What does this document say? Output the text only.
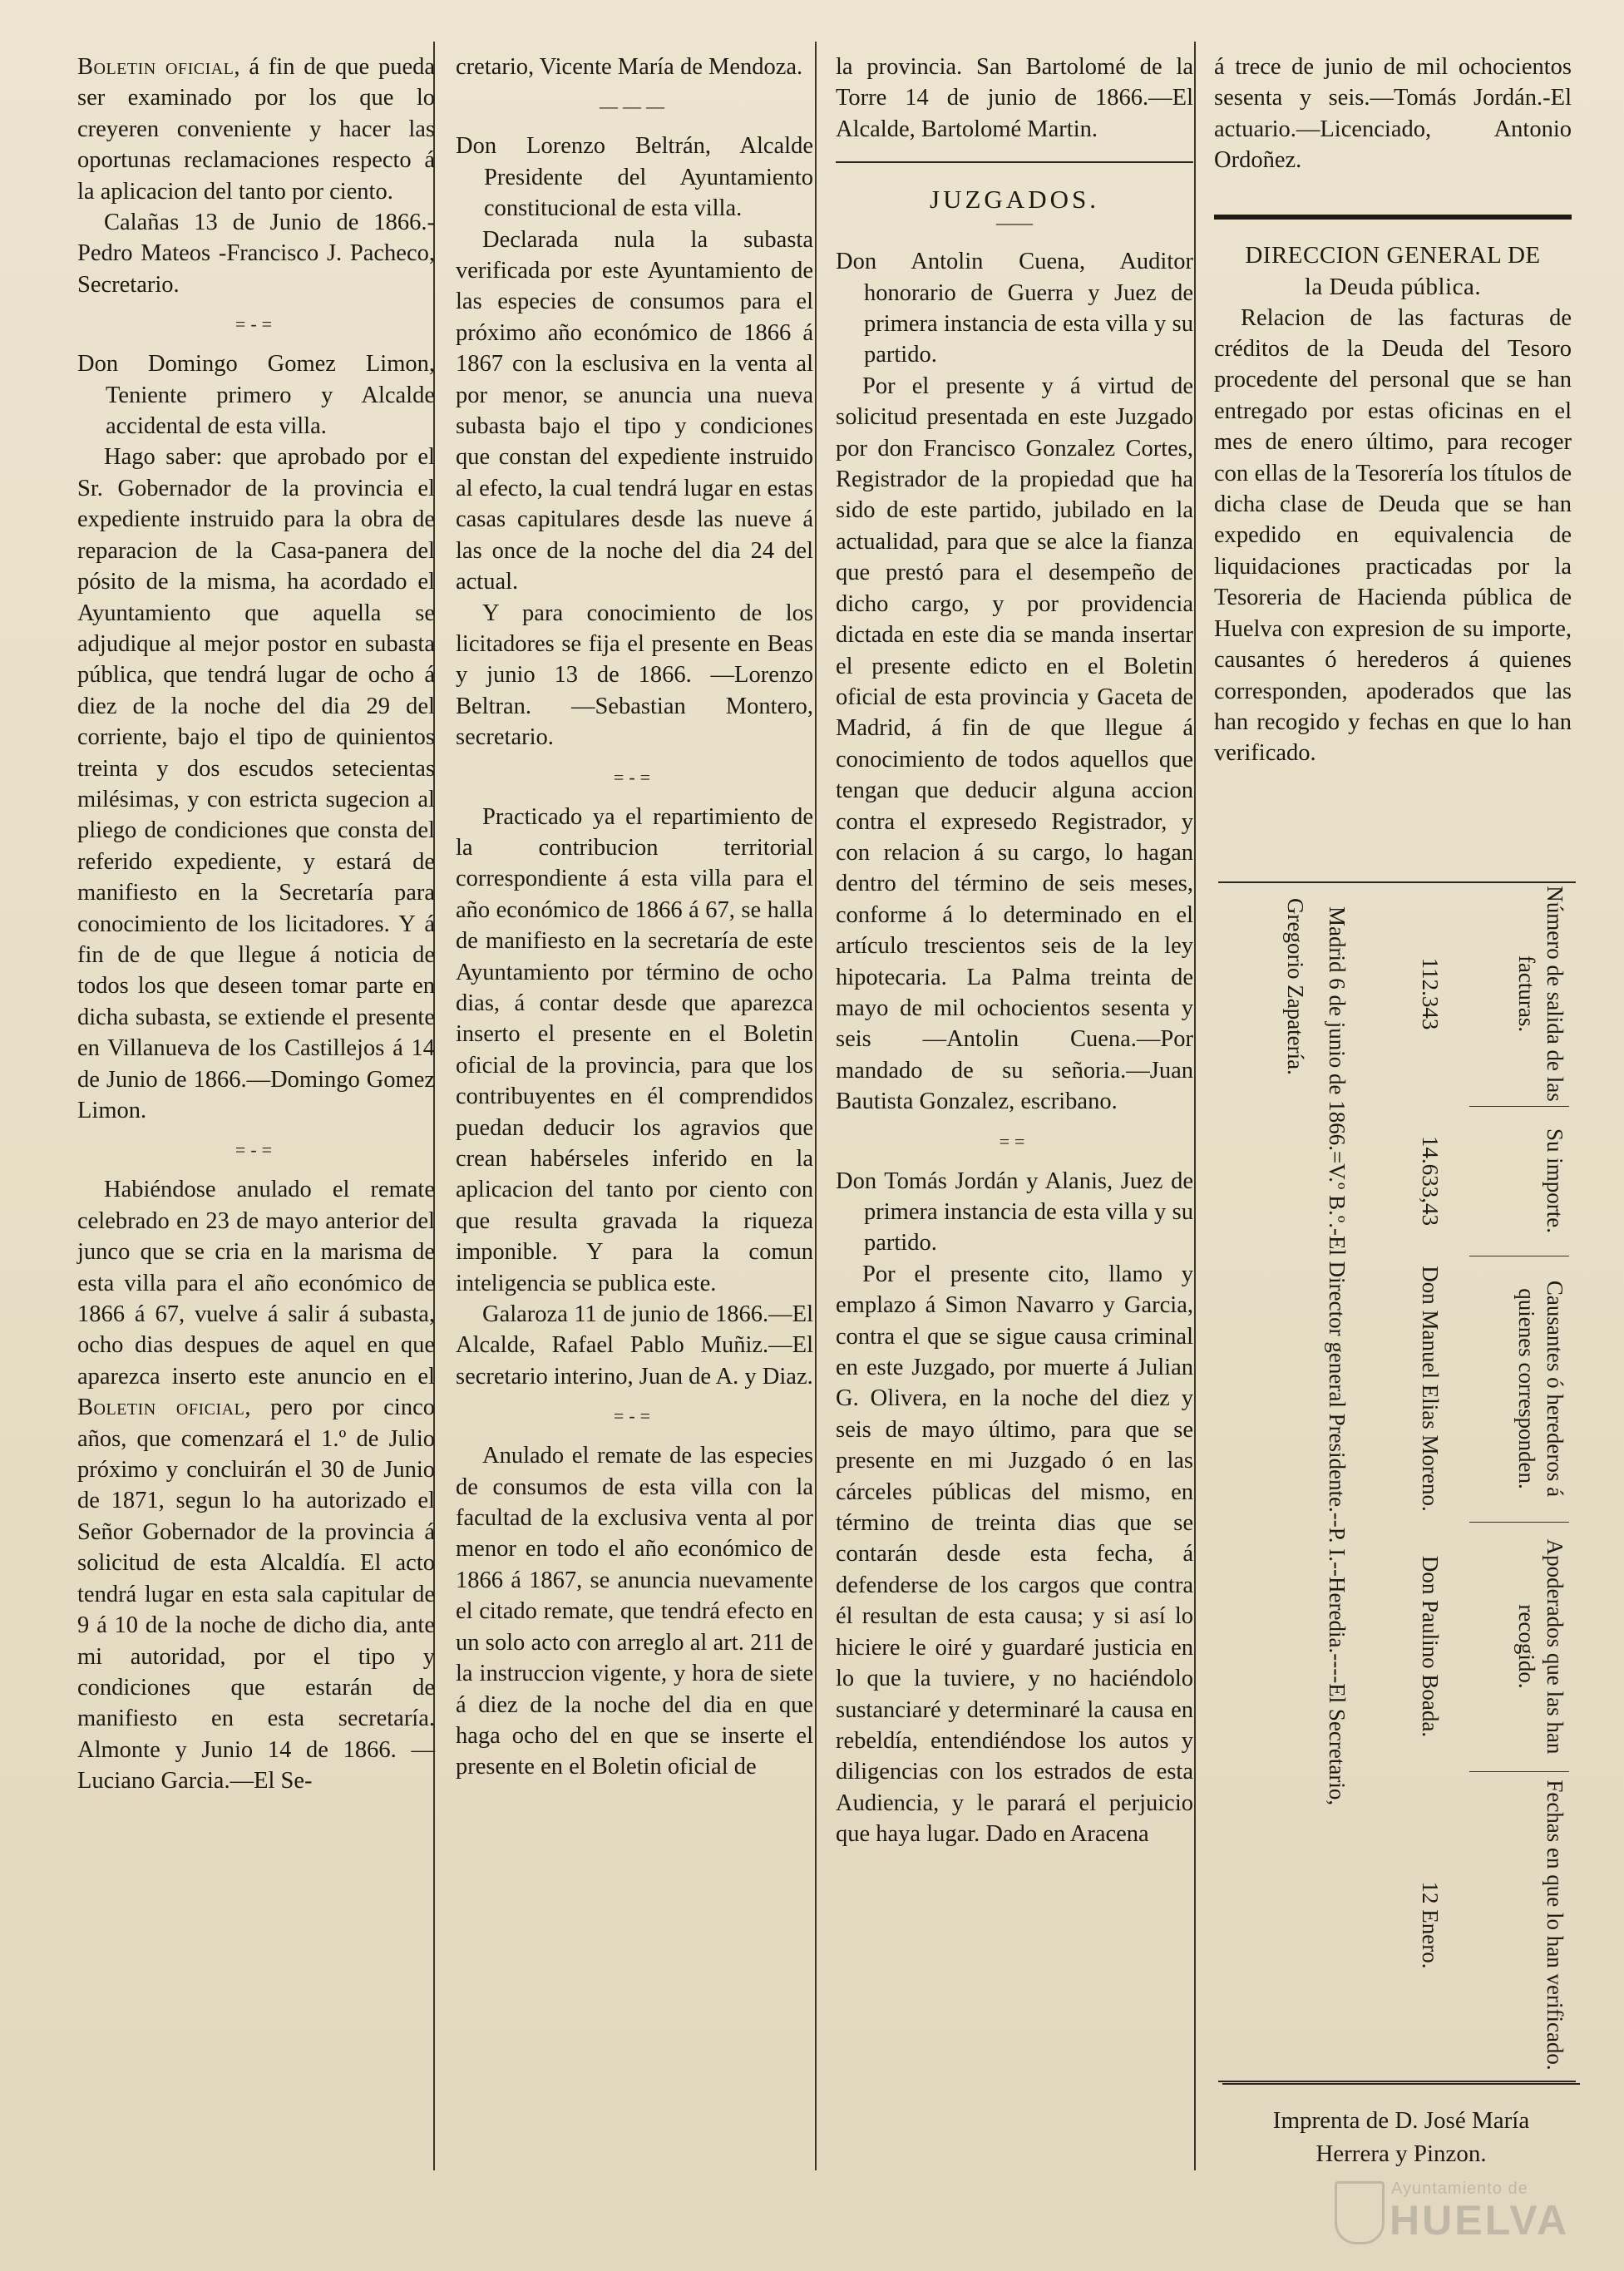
Boletin oficial, á fin de que pueda ser examinado por los que lo creyeren conveniente y hacer las oportunas reclamaciones respecto á la aplicacion del tanto por ciento.

Calañas 13 de Junio de 1866.-Pedro Mateos -Francisco J. Pacheco, Secretario.

=-=

Don Domingo Gomez Limon, Teniente primero y Alcalde accidental de esta villa.

Hago saber: que aprobado por el Sr. Gobernador de la provincia el expediente instruido para la obra de reparacion de la Casa-panera del pósito de la misma, ha acordado el Ayuntamiento que aquella se adjudique al mejor postor en subasta pública, que tendrá lugar de ocho á diez de la noche del dia 29 del corriente, bajo el tipo de quinientos treinta y dos escudos setecientas milésimas, y con estricta sugecion al pliego de condiciones que consta del referido expediente, y estará de manifiesto en la Secretaría para conocimiento de los licitadores. Y á fin de de que llegue á noticia de todos los que deseen tomar parte en dicha subasta, se extiende el presente en Villanueva de los Castillejos á 14 de Junio de 1866.—Domingo Gomez Limon.

=-=

Habiéndose anulado el remate celebrado en 23 de mayo anterior del junco que se cria en la marisma de esta villa para el año económico de 1866 á 67, vuelve á salir á subasta, ocho dias despues de aquel en que aparezca inserto este anuncio en el Boletin oficial, pero por cinco años, que comenzará el 1.º de Julio próximo y concluirán el 30 de Junio de 1871, segun lo ha autorizado el Señor Gobernador de la provincia á solicitud de esta Alcaldía. El acto tendrá lugar en esta sala capitular de 9 á 10 de la noche de dicho dia, ante mi autoridad, por el tipo y condiciones que estarán de manifiesto en esta secretaría. Almonte y Junio 14 de 1866. —Luciano Garcia.—El Se-

cretario, Vicente María de Mendoza.

———

Don Lorenzo Beltrán, Alcalde Presidente del Ayuntamiento constitucional de esta villa.

Declarada nula la subasta verificada por este Ayuntamiento de las especies de consumos para el próximo año económico de 1866 á 1867 con la esclusiva en la venta al por menor, se anuncia una nueva subasta bajo el tipo y condiciones que constan del expediente instruido al efecto, la cual tendrá lugar en estas casas capitulares desde las nueve á las once de la noche del dia 24 del actual.

Y para conocimiento de los licitadores se fija el presente en Beas y junio 13 de 1866. —Lorenzo Beltran. —Sebastian Montero, secretario.

=-=

Practicado ya el repartimiento de la contribucion territorial correspondiente á esta villa para el año económico de 1866 á 67, se halla de manifiesto en la secretaría de este Ayuntamiento por término de ocho dias, á contar desde que aparezca inserto el presente en el Boletin oficial de la provincia, para que los contribuyentes en él comprendidos puedan deducir los agravios que crean habérseles inferido en la aplicacion del tanto por ciento con que resulta gravada la riqueza imponible. Y para la comun inteligencia se publica este.

Galaroza 11 de junio de 1866.—El Alcalde, Rafael Pablo Muñiz.—El secretario interino, Juan de A. y Diaz.

=-=

Anulado el remate de las especies de consumos de esta villa con la facultad de la exclusiva venta al por menor en todo el año económico de 1866 á 1867, se anuncia nuevamente el citado remate, que tendrá efecto en un solo acto con arreglo al art. 211 de la instruccion vigente, y hora de siete á diez de la noche del dia en que haga ocho del en que se inserte el presente en el Boletin oficial de

la provincia. San Bartolomé de la Torre 14 de junio de 1866.—El Alcalde, Bartolomé Martin.

JUZGADOS.
——

Don Antolin Cuena, Auditor honorario de Guerra y Juez de primera instancia de esta villa y su partido.

Por el presente y á virtud de solicitud presentada en este Juzgado por don Francisco Gonzalez Cortes, Registrador de la propiedad que ha sido de este partido, jubilado en la actualidad, para que se alce la fianza que prestó para el desempeño de dicho cargo, y por providencia dictada en este dia se manda insertar el presente edicto en el Boletin oficial de esta provincia y Gaceta de Madrid, á fin de que llegue á conocimiento de todos aquellos que tengan que deducir alguna accion contra el expresedo Registrador, y con relacion á su cargo, lo hagan dentro del término de seis meses, conforme á lo determinado en el artículo trescientos seis de la ley hipotecaria. La Palma treinta de mayo de mil ochocientos sesenta y seis —Antolin Cuena.—Por mandado de su señoria.—Juan Bautista Gonzalez, escribano.

==

Don Tomás Jordán y Alanis, Juez de primera instancia de esta villa y su partido.

Por el presente cito, llamo y emplazo á Simon Navarro y Garcia, contra el que se sigue causa criminal en este Juzgado, por muerte á Julian G. Olivera, en la noche del diez y seis de mayo último, para que se presente en mi Juzgado ó en las cárceles públicas del mismo, en término de treinta dias que se contarán desde esta fecha, á defenderse de los cargos que contra él resultan de esta causa; y si así lo hiciere le oiré y guardaré justicia en lo que la tuviere, y no haciéndolo sustanciaré y determinaré la causa en rebeldía, entendiéndose los autos y diligencias con los estrados de esta Audiencia, y le parará el perjuicio que haya lugar. Dado en Aracena

á trece de junio de mil ochocientos sesenta y seis.—Tomás Jordán.-El actuario.—Licenciado, Antonio Ordoñez.

DIRECCION GENERAL DE
la Deuda pública.

Relacion de las facturas de créditos de la Deuda del Tesoro procedente del personal que se han entregado por estas oficinas en el mes de enero último, para recoger con ellas de la Tesorería los títulos de dicha clase de Deuda que se han expedido en equivalencia de liquidaciones practicadas por la Tesoreria de Hacienda pública de Huelva con expresion de su importe, causantes ó herederos á quienes corresponden, apoderados que las han recogido y fechas en que lo han verificado.

Número de salida de las facturas.
Su importe.
Causantes ó herederos á quienes corresponden.
Apoderados que las han recogido.
Fechas en que lo han verificado.
112.343
14.633,43
Don Manuel Elias Moreno.
Don Paulino Boada.
12 Enero.
Madrid 6 de junio de 1866.=V.º B.º.-El Director general Presidente.--P. I.--Heredia.----El Secretario,
Gregorio Zapatería.
Imprenta de D. José María
Herrera y Pinzon.
Ayuntamiento de
HUELVA
